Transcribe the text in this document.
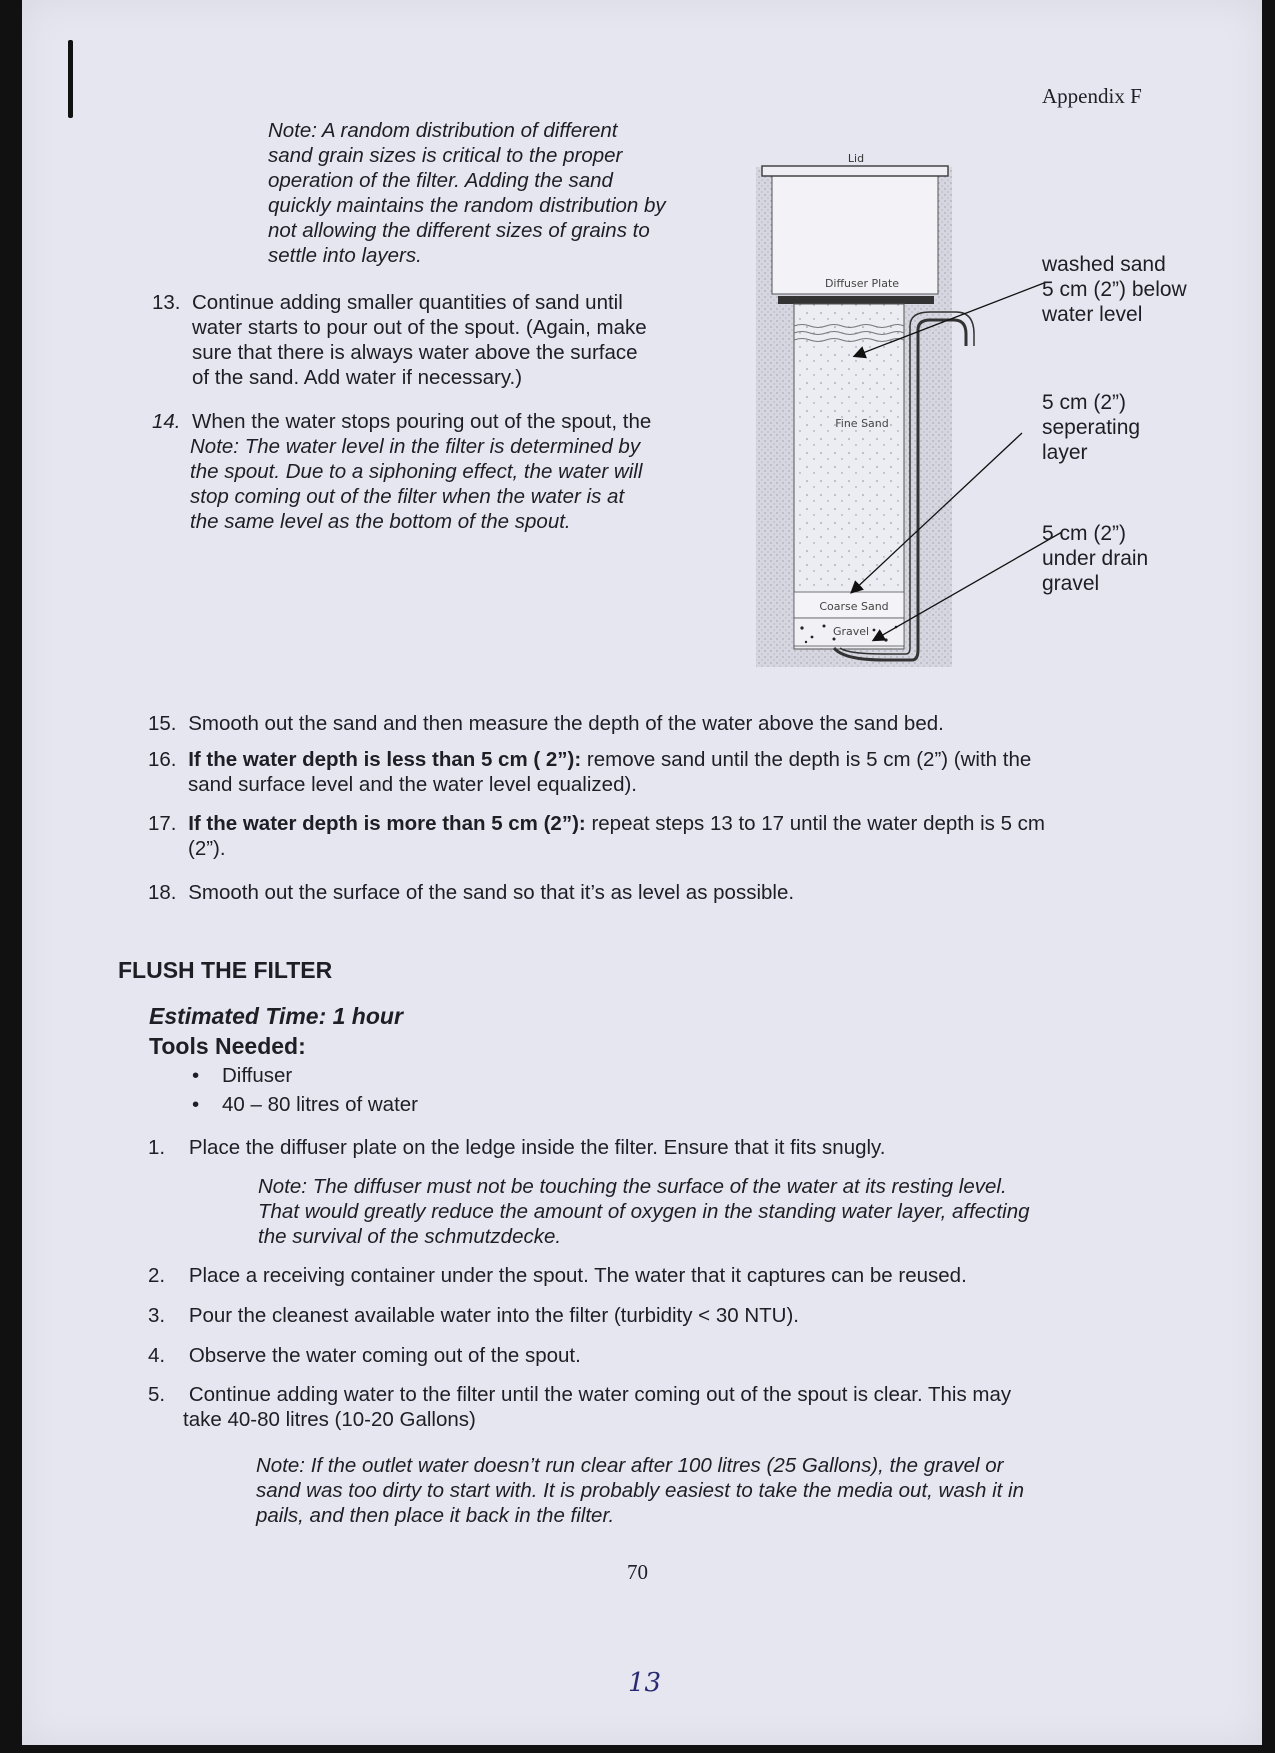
Appendix F
Note: A random distribution of different
sand grain sizes is critical to the proper
operation of the filter. Adding the sand
quickly maintains the random distribution by
not allowing the different sizes of grains to
settle into layers.
13. Continue adding smaller quantities of sand until
water starts to pour out of the spout. (Again, make
sure that there is always water above the surface
of the sand. Add water if necessary.)
14. When the water stops pouring out of the spout, the
Note: The water level in the filter is determined by
the spout. Due to a siphoning effect, the water will
stop coming out of the filter when the water is at
the same level as the bottom of the spout.
Lid
Diffuser Plate
Fine Sand
Coarse Sand
Gravel
washed sand
5 cm (2”) below
water level
5 cm (2”)
seperating
layer
5 cm (2”)
under drain
gravel
15. Smooth out the sand and then measure the depth of the water above the sand bed.
16. If the water depth is less than 5 cm ( 2”): remove sand until the depth is 5 cm (2”) (with the
sand surface level and the water level equalized).
17. If the water depth is more than 5 cm (2”): repeat steps 13 to 17 until the water depth is 5 cm
(2”).
18. Smooth out the surface of the sand so that it’s as level as possible.
FLUSH THE FILTER
Estimated Time: 1 hour
Tools Needed:
• Diffuser
• 40 – 80 litres of water
1. Place the diffuser plate on the ledge inside the filter. Ensure that it fits snugly.
Note: The diffuser must not be touching the surface of the water at its resting level.
That would greatly reduce the amount of oxygen in the standing water layer, affecting
the survival of the schmutzdecke.
2. Place a receiving container under the spout. The water that it captures can be reused.
3. Pour the cleanest available water into the filter (turbidity < 30 NTU).
4. Observe the water coming out of the spout.
5. Continue adding water to the filter until the water coming out of the spout is clear. This may
take 40-80 litres (10-20 Gallons)
Note: If the outlet water doesn’t run clear after 100 litres (25 Gallons), the gravel or
sand was too dirty to start with. It is probably easiest to take the media out, wash it in
pails, and then place it back in the filter.
70
13
